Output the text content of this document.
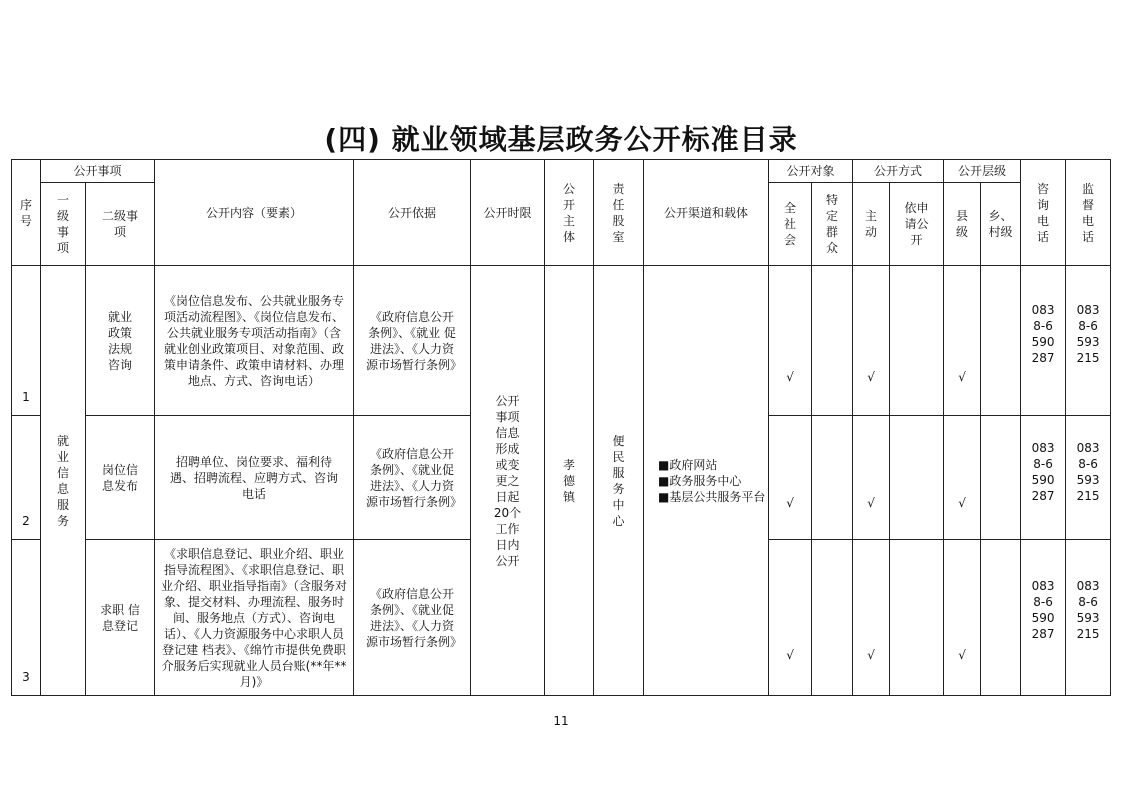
(四) 就业领域基层政务公开标准目录
序号	公开事项		公开内容（要素）	公开依据	公开时限	公开主体	责任股室	公开渠道和载体	公开对象		公开方式		公开层级		咨询电话	监督电话
	一级事项	二级事项							全社会	特定群众	主动	依申请公开	县级	乡、村级		
1	就业信息服务	就业政策法规咨询	《岗位信息发布、公共就业服务专项活动流程图》、《岗位信息发布、公共就业服务专项活动指南》（含就业创业政策项目、对象范围、政策申请条件、政策申请材料、办理地点、方式、咨询电话）	《政府信息公开条例》、《就业 促进法》、《人力资源市场暂行条例》	公开事项信息形成或变更之日起20个工作日内公开	孝德镇	便民服务中心	■政府网站
■政务服务中心
■基层公共服务平台	√		√		√		0838-6590287	0838-6593215
2		岗位信息发布	招聘单位、岗位要求、福利待遇、招聘流程、应聘方式、咨询电话	《政府信息公开条例》、《就业促进法》、《人力资源市场暂行条例》					√		√		√		0838-6590287	0838-6593215
3		求职 信息登记	《求职信息登记、职业介绍、职业指导流程图》、《求职信息登记、职业介绍、职业指导指南》（含服务对象、提交材料、办理流程、服务时间、服务地点（方式）、咨询电话）、《人力资源服务中心求职人员登记建 档表》、《绵竹市提供免费职介服务后实现就业人员台账(**年**月)》	《政府信息公开条例》、《就业促进法》、《人力资源市场暂行条例》					√		√		√		0838-6590287	0838-6593215
11
